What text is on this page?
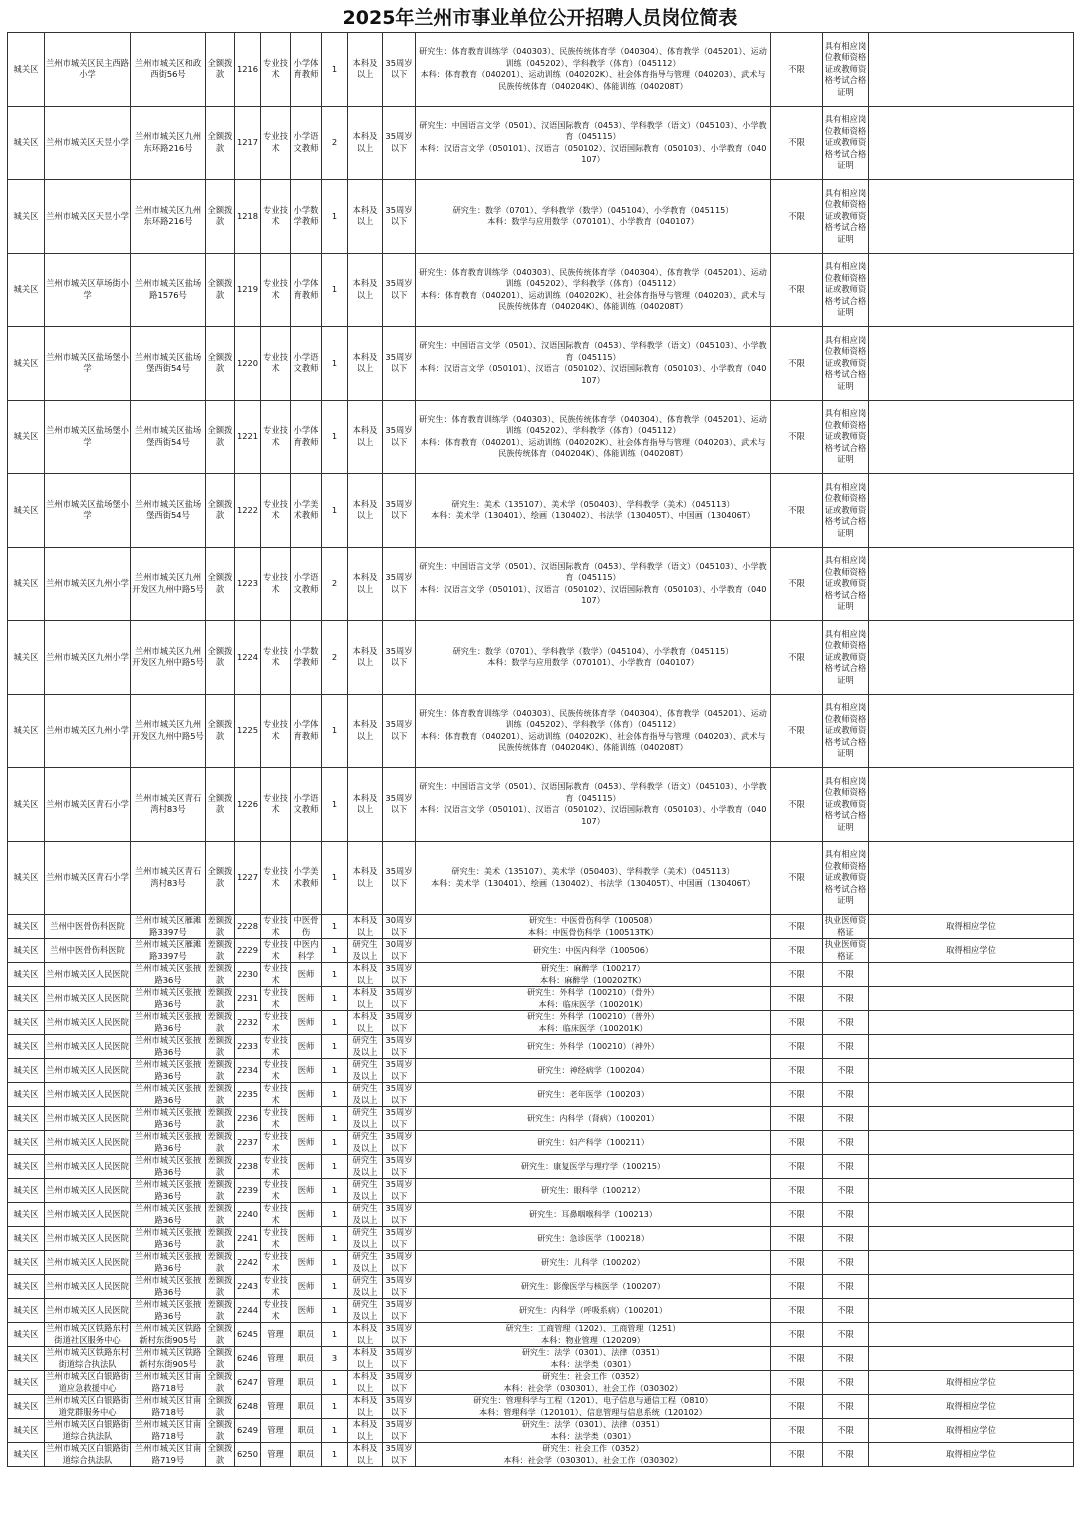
2025年兰州市事业单位公开招聘人员岗位简表
城关区	兰州市城关区民主西路小学	兰州市城关区和政西街56号	全额拨款	1216	专业技术	小学体育教师	1	本科及以上	35周岁以下	研究生：体育教育训练学（040303）、民族传统体育学（040304）、体育教学（045201）、运动训练（045202）、学科教学（体育）（045112）
本科：体育教育（040201）、运动训练（040202K）、社会体育指导与管理（040203）、武术与民族传统体育（040204K）、体能训练（040208T）	不限	具有相应岗位教师资格证或教师资格考试合格证明	
城关区	兰州市城关区天昱小学	兰州市城关区九州东环路216号	全额拨款	1217	专业技术	小学语文教师	2	本科及以上	35周岁以下	研究生：中国语言文学（0501）、汉语国际教育（0453）、学科教学（语文）（045103）、小学教育（045115）
本科：汉语言文学（050101）、汉语言（050102）、汉语国际教育（050103）、小学教育（040107）	不限	具有相应岗位教师资格证或教师资格考试合格证明	
城关区	兰州市城关区天昱小学	兰州市城关区九州东环路216号	全额拨款	1218	专业技术	小学数学教师	1	本科及以上	35周岁以下	研究生：数学（0701）、学科教学（数学）（045104）、小学教育（045115）
本科：数学与应用数学（070101）、小学教育（040107）	不限	具有相应岗位教师资格证或教师资格考试合格证明	
城关区	兰州市城关区草场街小学	兰州市城关区盐场路1576号	全额拨款	1219	专业技术	小学体育教师	1	本科及以上	35周岁以下	研究生：体育教育训练学（040303）、民族传统体育学（040304）、体育教学（045201）、运动训练（045202）、学科教学（体育）（045112）
本科：体育教育（040201）、运动训练（040202K）、社会体育指导与管理（040203）、武术与民族传统体育（040204K）、体能训练（040208T）	不限	具有相应岗位教师资格证或教师资格考试合格证明	
城关区	兰州市城关区盐场堡小学	兰州市城关区盐场堡西街54号	全额拨款	1220	专业技术	小学语文教师	1	本科及以上	35周岁以下	研究生：中国语言文学（0501）、汉语国际教育（0453）、学科教学（语文）（045103）、小学教育（045115）
本科：汉语言文学（050101）、汉语言（050102）、汉语国际教育（050103）、小学教育（040107）	不限	具有相应岗位教师资格证或教师资格考试合格证明	
城关区	兰州市城关区盐场堡小学	兰州市城关区盐场堡西街54号	全额拨款	1221	专业技术	小学体育教师	1	本科及以上	35周岁以下	研究生：体育教育训练学（040303）、民族传统体育学（040304）、体育教学（045201）、运动训练（045202）、学科教学（体育）（045112）
本科：体育教育（040201）、运动训练（040202K）、社会体育指导与管理（040203）、武术与民族传统体育（040204K）、体能训练（040208T）	不限	具有相应岗位教师资格证或教师资格考试合格证明	
城关区	兰州市城关区盐场堡小学	兰州市城关区盐场堡西街54号	全额拨款	1222	专业技术	小学美术教师	1	本科及以上	35周岁以下	研究生：美术（135107）、美术学（050403）、学科教学（美术）（045113）
本科：美术学（130401）、绘画（130402）、书法学（130405T）、中国画（130406T）	不限	具有相应岗位教师资格证或教师资格考试合格证明	
城关区	兰州市城关区九州小学	兰州市城关区九州开发区九州中路5号	全额拨款	1223	专业技术	小学语文教师	2	本科及以上	35周岁以下	研究生：中国语言文学（0501）、汉语国际教育（0453）、学科教学（语文）（045103）、小学教育（045115）
本科：汉语言文学（050101）、汉语言（050102）、汉语国际教育（050103）、小学教育（040107）	不限	具有相应岗位教师资格证或教师资格考试合格证明	
城关区	兰州市城关区九州小学	兰州市城关区九州开发区九州中路5号	全额拨款	1224	专业技术	小学数学教师	2	本科及以上	35周岁以下	研究生：数学（0701）、学科教学（数学）（045104）、小学教育（045115）
本科：数学与应用数学（070101）、小学教育（040107）	不限	具有相应岗位教师资格证或教师资格考试合格证明	
城关区	兰州市城关区九州小学	兰州市城关区九州开发区九州中路5号	全额拨款	1225	专业技术	小学体育教师	1	本科及以上	35周岁以下	研究生：体育教育训练学（040303）、民族传统体育学（040304）、体育教学（045201）、运动训练（045202）、学科教学（体育）（045112）
本科：体育教育（040201）、运动训练（040202K）、社会体育指导与管理（040203）、武术与民族传统体育（040204K）、体能训练（040208T）	不限	具有相应岗位教师资格证或教师资格考试合格证明	
城关区	兰州市城关区青石小学	兰州市城关区青石湾村83号	全额拨款	1226	专业技术	小学语文教师	1	本科及以上	35周岁以下	研究生：中国语言文学（0501）、汉语国际教育（0453）、学科教学（语文）（045103）、小学教育（045115）
本科：汉语言文学（050101）、汉语言（050102）、汉语国际教育（050103）、小学教育（040107）	不限	具有相应岗位教师资格证或教师资格考试合格证明	
城关区	兰州市城关区青石小学	兰州市城关区青石湾村83号	全额拨款	1227	专业技术	小学美术教师	1	本科及以上	35周岁以下	研究生：美术（135107）、美术学（050403）、学科教学（美术）（045113）
本科：美术学（130401）、绘画（130402）、书法学（130405T）、中国画（130406T）	不限	具有相应岗位教师资格证或教师资格考试合格证明	
城关区	兰州中医骨伤科医院	兰州市城关区雁滩路3397号	差额拨款	2228	专业技术	中医骨伤	1	本科及以上	30周岁以下	研究生：中医骨伤科学（100508）
本科：中医骨伤科学（100513TK）	不限	执业医师资格证	取得相应学位
城关区	兰州中医骨伤科医院	兰州市城关区雁滩路3397号	差额拨款	2229	专业技术	中医内科学	1	研究生及以上	30周岁以下	研究生：中医内科学（100506）	不限	执业医师资格证	取得相应学位
城关区	兰州市城关区人民医院	兰州市城关区张掖路36号	差额拨款	2230	专业技术	医师	1	本科及以上	35周岁以下	研究生：麻醉学（100217）
本科：麻醉学（100202TK）	不限	不限	
城关区	兰州市城关区人民医院	兰州市城关区张掖路36号	差额拨款	2231	专业技术	医师	1	本科及以上	35周岁以下	研究生：外科学（100210）（骨外）
本科：临床医学（100201K）	不限	不限	
城关区	兰州市城关区人民医院	兰州市城关区张掖路36号	差额拨款	2232	专业技术	医师	1	本科及以上	35周岁以下	研究生：外科学（100210）（普外）
本科：临床医学（100201K）	不限	不限	
城关区	兰州市城关区人民医院	兰州市城关区张掖路36号	差额拨款	2233	专业技术	医师	1	研究生及以上	35周岁以下	研究生：外科学（100210）（神外）	不限	不限	
城关区	兰州市城关区人民医院	兰州市城关区张掖路36号	差额拨款	2234	专业技术	医师	1	研究生及以上	35周岁以下	研究生：神经病学（100204）	不限	不限	
城关区	兰州市城关区人民医院	兰州市城关区张掖路36号	差额拨款	2235	专业技术	医师	1	研究生及以上	35周岁以下	研究生：老年医学（100203）	不限	不限	
城关区	兰州市城关区人民医院	兰州市城关区张掖路36号	差额拨款	2236	专业技术	医师	1	研究生及以上	35周岁以下	研究生：内科学（肾病）（100201）	不限	不限	
城关区	兰州市城关区人民医院	兰州市城关区张掖路36号	差额拨款	2237	专业技术	医师	1	研究生及以上	35周岁以下	研究生：妇产科学（100211）	不限	不限	
城关区	兰州市城关区人民医院	兰州市城关区张掖路36号	差额拨款	2238	专业技术	医师	1	研究生及以上	35周岁以下	研究生：康复医学与理疗学（100215）	不限	不限	
城关区	兰州市城关区人民医院	兰州市城关区张掖路36号	差额拨款	2239	专业技术	医师	1	研究生及以上	35周岁以下	研究生：眼科学（100212）	不限	不限	
城关区	兰州市城关区人民医院	兰州市城关区张掖路36号	差额拨款	2240	专业技术	医师	1	研究生及以上	35周岁以下	研究生：耳鼻咽喉科学（100213）	不限	不限	
城关区	兰州市城关区人民医院	兰州市城关区张掖路36号	差额拨款	2241	专业技术	医师	1	研究生及以上	35周岁以下	研究生：急诊医学（100218）	不限	不限	
城关区	兰州市城关区人民医院	兰州市城关区张掖路36号	差额拨款	2242	专业技术	医师	1	研究生及以上	35周岁以下	研究生：儿科学（100202）	不限	不限	
城关区	兰州市城关区人民医院	兰州市城关区张掖路36号	差额拨款	2243	专业技术	医师	1	研究生及以上	35周岁以下	研究生：影像医学与核医学（100207）	不限	不限	
城关区	兰州市城关区人民医院	兰州市城关区张掖路36号	差额拨款	2244	专业技术	医师	1	研究生及以上	35周岁以下	研究生：内科学（呼吸系病）（100201）	不限	不限	
城关区	兰州市城关区铁路东村街道社区服务中心	兰州市城关区铁路新村东街905号	全额拨款	6245	管理	职员	1	本科及以上	35周岁以下	研究生：工商管理（1202）、工商管理（1251）
本科：物业管理（120209）	不限	不限	
城关区	兰州市城关区铁路东村街道综合执法队	兰州市城关区铁路新村东街905号	全额拨款	6246	管理	职员	3	本科及以上	35周岁以下	研究生：法学（0301）、法律（0351）
本科：法学类（0301）	不限	不限	
城关区	兰州市城关区白银路街道应急救援中心	兰州市城关区甘南路718号	全额拨款	6247	管理	职员	1	本科及以上	35周岁以下	研究生：社会工作（0352）
本科：社会学（030301）、社会工作（030302）	不限	不限	取得相应学位
城关区	兰州市城关区白银路街道党群服务中心	兰州市城关区甘南路718号	全额拨款	6248	管理	职员	1	本科及以上	35周岁以下	研究生：管理科学与工程（1201）、电子信息与通信工程（0810）
本科：管理科学（120101）、信息管理与信息系统（120102）	不限	不限	取得相应学位
城关区	兰州市城关区白银路街道综合执法队	兰州市城关区甘南路718号	全额拨款	6249	管理	职员	1	本科及以上	35周岁以下	研究生：法学（0301）、法律（0351）
本科：法学类（0301）	不限	不限	取得相应学位
城关区	兰州市城关区白银路街道综合执法队	兰州市城关区甘南路719号	全额拨款	6250	管理	职员	1	本科及以上	35周岁以下	研究生：社会工作（0352）
本科：社会学（030301）、社会工作（030302）	不限	不限	取得相应学位
